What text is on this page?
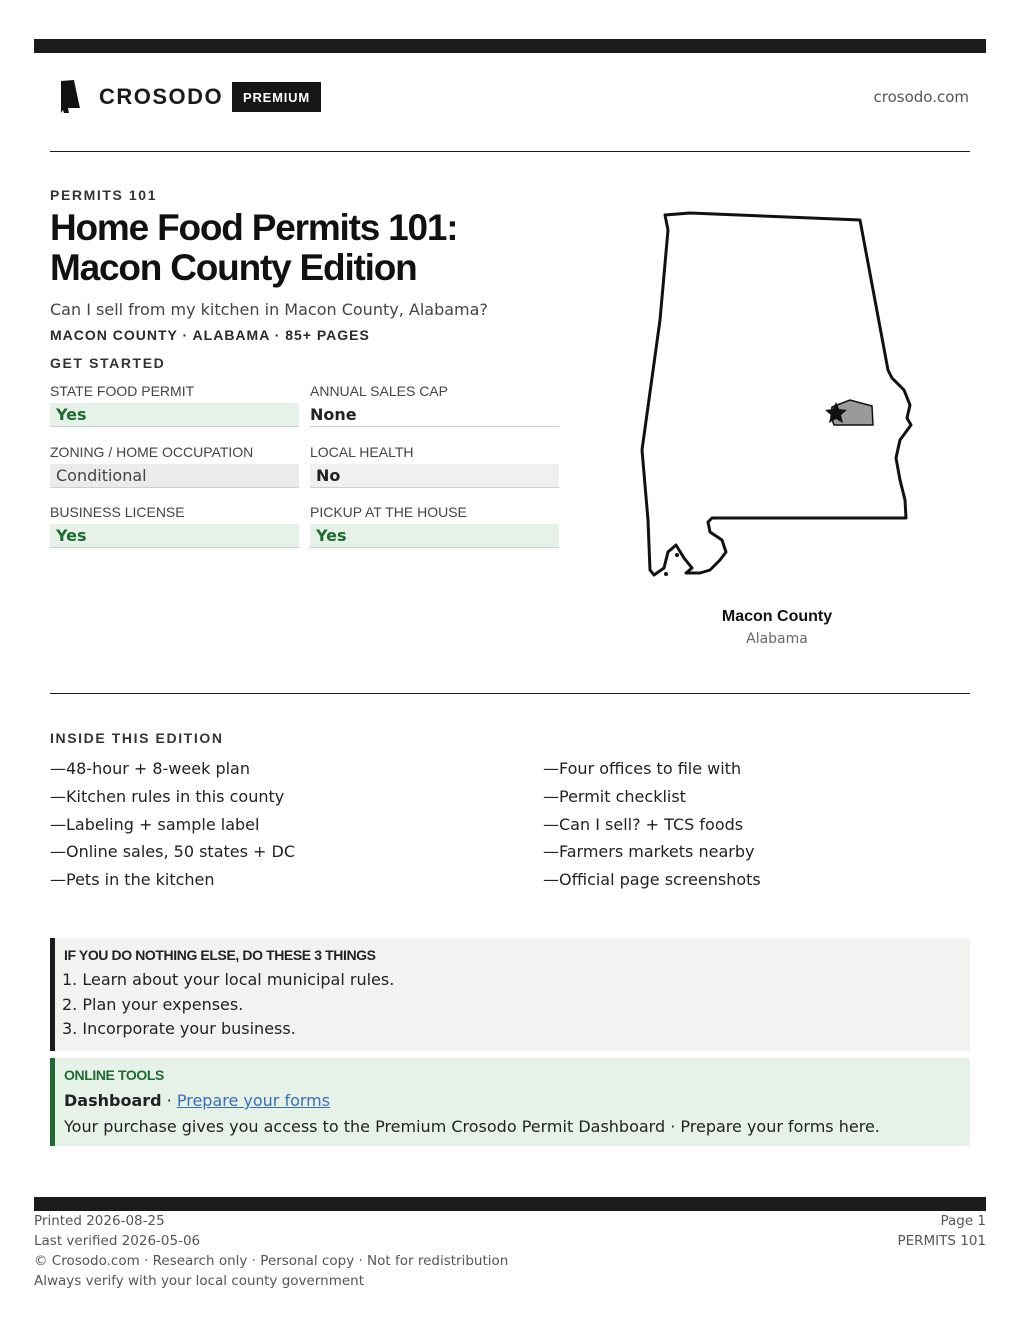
CROSODO	PREMIUM	crosodo.com
PERMITS 101
Home Food Permits 101: Macon County Edition
Can I sell from my kitchen in Macon County, Alabama?
MACON COUNTY · ALABAMA · 85+ PAGES
GET STARTED
STATE FOOD PERMIT
Yes
ANNUAL SALES CAP
None
ZONING / HOME OCCUPATION
Conditional
LOCAL HEALTH
No
BUSINESS LICENSE
Yes
PICKUP AT THE HOUSE
Yes
Macon County
Alabama
INSIDE THIS EDITION
—48-hour + 8-week plan
—Kitchen rules in this county
—Labeling + sample label
—Online sales, 50 states + DC
—Pets in the kitchen
—Four offices to file with
—Permit checklist
—Can I sell? + TCS foods
—Farmers markets nearby
—Official page screenshots
IF YOU DO NOTHING ELSE, DO THESE 3 THINGS
1. Learn about your local municipal rules.
2. Plan your expenses.
3. Incorporate your business.
ONLINE TOOLS
Dashboard · Prepare your forms
Your purchase gives you access to the Premium Crosodo Permit Dashboard · Prepare your forms here.
Printed 2026-08-25
Last verified 2026-05-06
© Crosodo.com · Research only · Personal copy · Not for redistribution
Always verify with your local county government
Page 1
PERMITS 101
